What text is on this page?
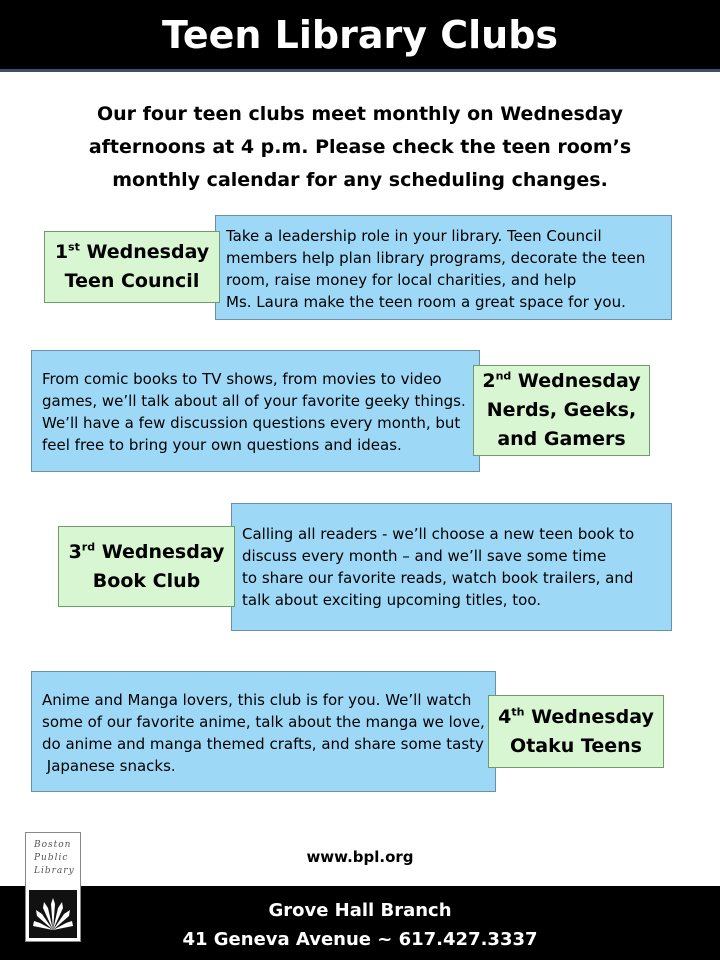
Teen Library Clubs
Our four teen clubs meet monthly on Wednesday afternoons at 4 p.m. Please check the teen room’s monthly calendar for any scheduling changes.
Take a leadership role in your library. Teen Council
members help plan library programs, decorate the teen
room, raise money for local charities, and help
Ms. Laura make the teen room a great space for you.
1st Wednesday
Teen Council
From comic books to TV shows, from movies to video
games, we’ll talk about all of your favorite geeky things.
We’ll have a few discussion questions every month, but
feel free to bring your own questions and ideas.
2nd Wednesday
Nerds, Geeks,
and Gamers
Calling all readers - we’ll choose a new teen book to
discuss every month – and we’ll save some time
to share our favorite reads, watch book trailers, and
talk about exciting upcoming titles, too.
3rd Wednesday
Book Club
Anime and Manga lovers, this club is for you. We’ll watch
some of our favorite anime, talk about the manga we love,
do anime and manga themed crafts, and share some tasty
Japanese snacks.
4th Wednesday
Otaku Teens
www.bpl.org
Boston
Public
Library
Grove Hall Branch
41 Geneva Avenue ~ 617.427.3337
